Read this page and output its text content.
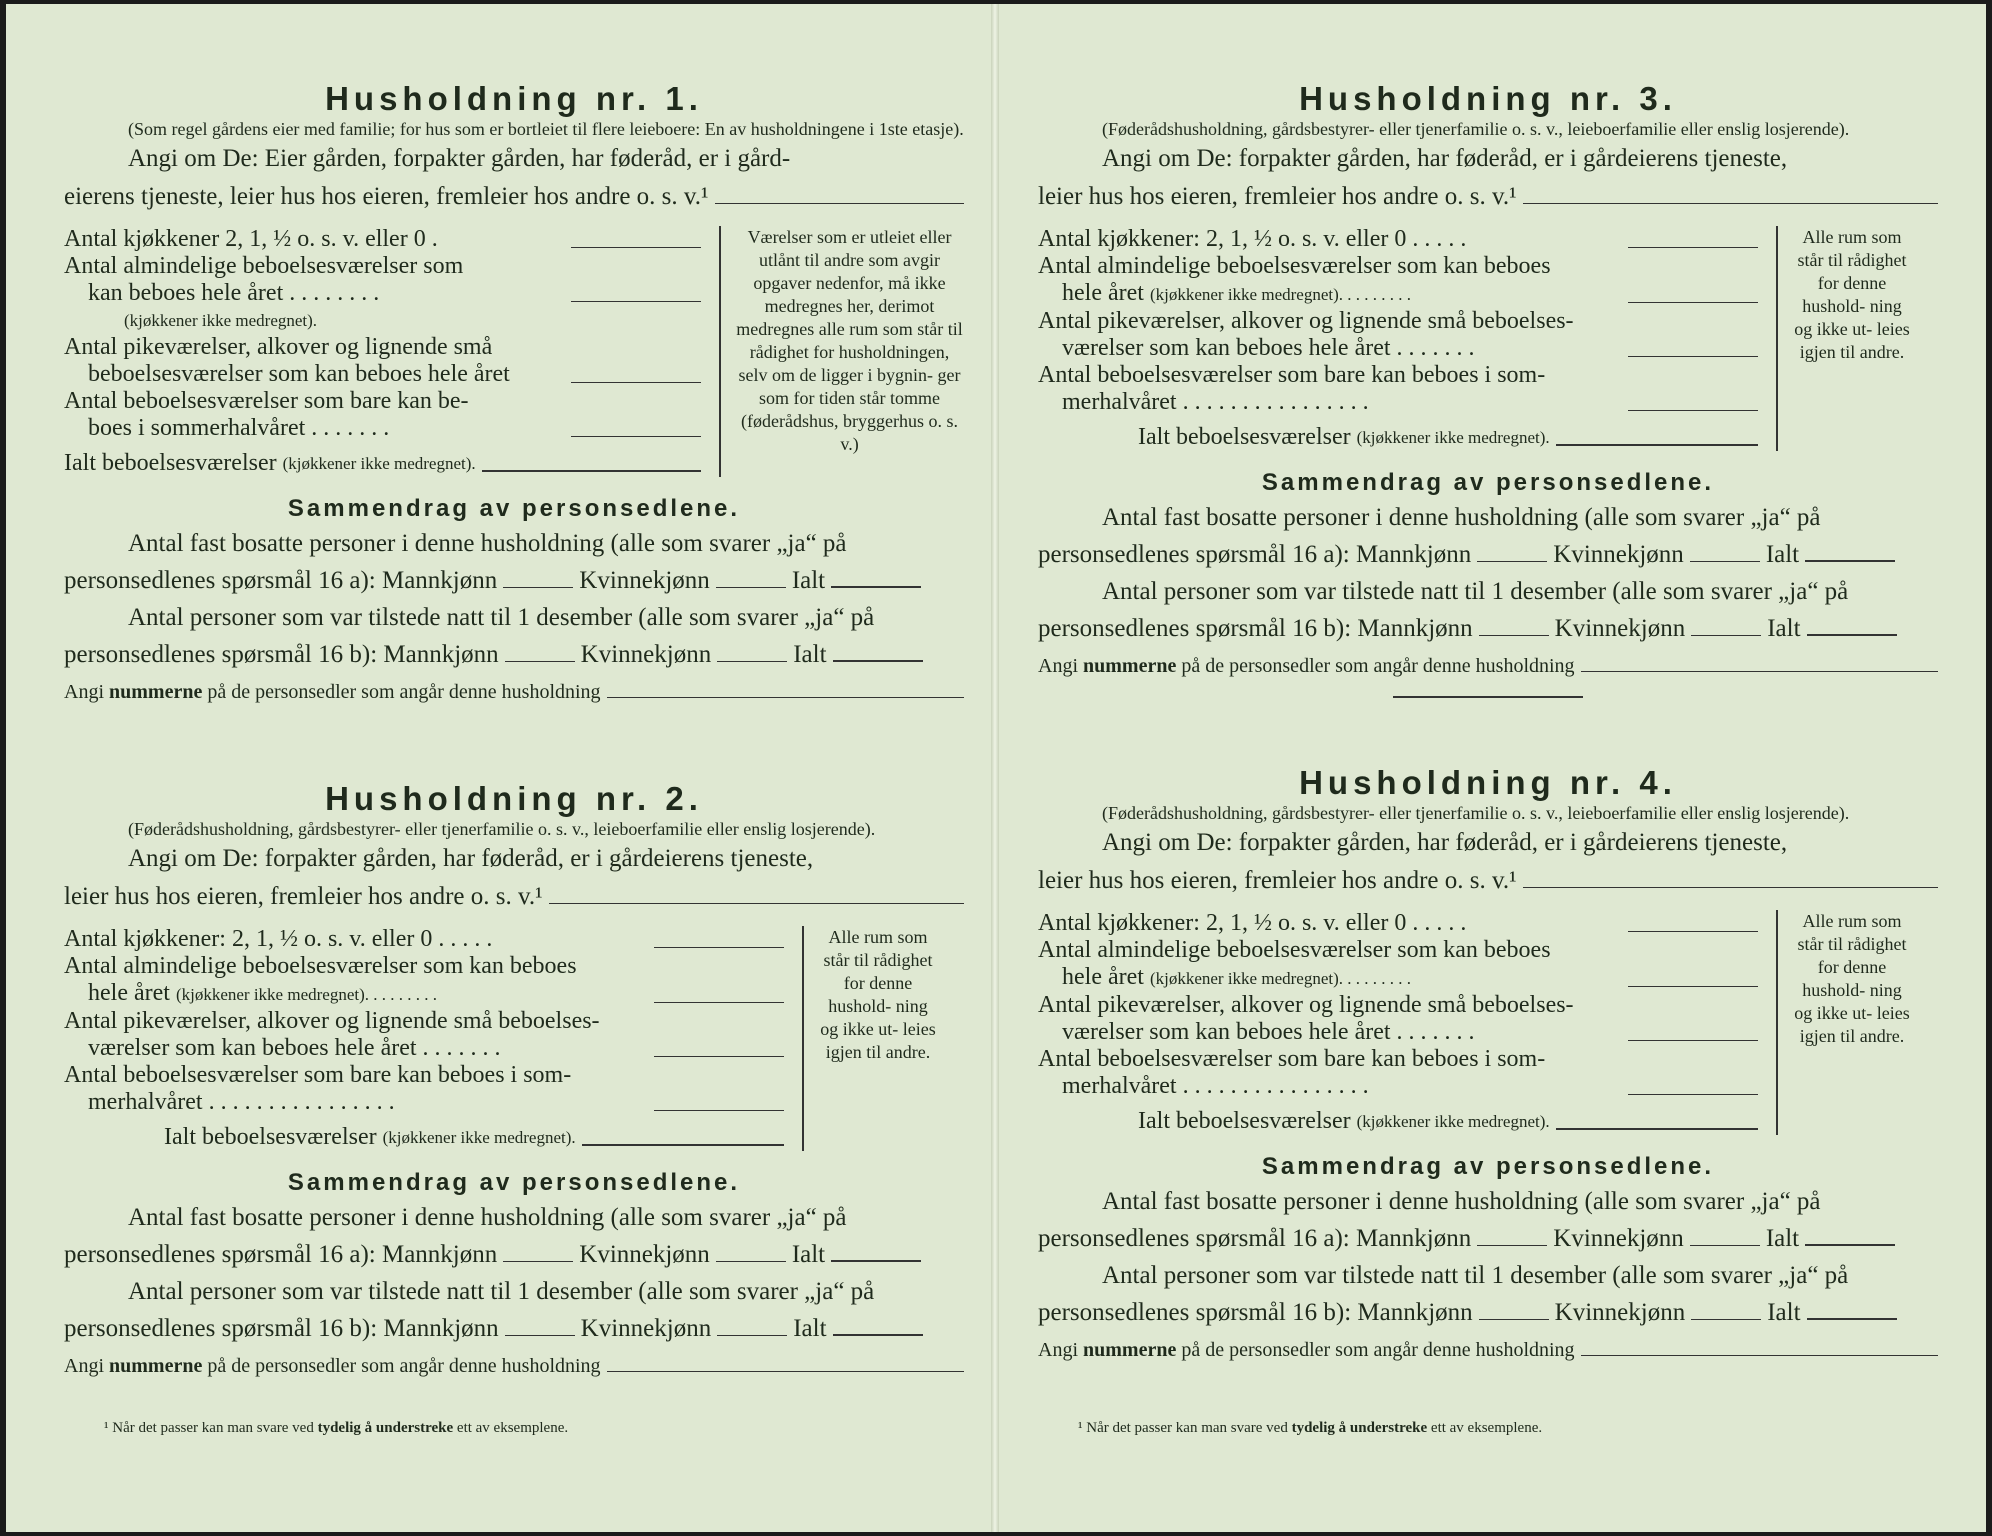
Husholdning nr. 1.
(Som regel gårdens eier med familie; for hus som er bortleiet til flere leieboere: En av husholdningene i 1ste etasje).
Angi om De: Eier gården, forpakter gården, har føderåd, er i gård-
eierens tjeneste, leier hus hos eieren, fremleier hos andre o. s. v.¹
Antal kjøkkener 2, 1, ½ o. s. v. eller 0 .
Antal almindelige beboelsesværelser som
kan beboes hele året . . . . . . . .
(kjøkkener ikke medregnet).
Antal pikeværelser, alkover og lignende små
beboelsesværelser som kan beboes hele året
Antal beboelsesværelser som bare kan be-
boes i sommerhalvåret . . . . . . .
Ialt beboelsesværelser
(kjøkkener ikke medregnet).
Værelser som er utleiet eller utlånt til andre som avgir opgaver nedenfor, må ikke medregnes her, derimot medregnes alle rum som står til rådighet for husholdningen, selv om de ligger i bygnin- ger som for tiden står tomme (føderådshus, bryggerhus o. s. v.)
Sammendrag av personsedlene.
Antal fast bosatte personer i denne husholdning (alle som svarer „ja“ på
personsedlenes spørsmål 16 a):
Mannkjønn	Kvinnekjønn	Ialt
Antal personer som var tilstede natt til 1 desember (alle som svarer „ja“ på
personsedlenes spørsmål 16 b):
Mannkjønn	Kvinnekjønn	Ialt
Angi
nummerne
på de personsedler som angår denne husholdning
Husholdning nr. 2.
(Føderådshusholdning, gårdsbestyrer- eller tjenerfamilie o. s. v., leieboerfamilie eller enslig losjerende).
Angi om De: forpakter gården, har føderåd, er i gårdeierens tjeneste,
leier hus hos eieren, fremleier hos andre o. s. v.¹
Antal kjøkkener: 2, 1, ½ o. s. v. eller 0 . . . . .
Antal almindelige beboelsesværelser som kan beboes
hele året (kjøkkener ikke medregnet). . . . . . . . .
Antal pikeværelser, alkover og lignende små beboelses-
værelser som kan beboes hele året . . . . . . .
Antal beboelsesværelser som bare kan beboes i som-
merhalvåret . . . . . . . . . . . . . . . .
Ialt beboelsesværelser
(kjøkkener ikke medregnet).
Alle rum som står til rådighet for denne hushold- ning og ikke ut- leies igjen til andre.
Sammendrag av personsedlene.
Antal fast bosatte personer i denne husholdning (alle som svarer „ja“ på
personsedlenes spørsmål 16 a):
Mannkjønn	Kvinnekjønn	Ialt
Antal personer som var tilstede natt til 1 desember (alle som svarer „ja“ på
personsedlenes spørsmål 16 b):
Mannkjønn	Kvinnekjønn	Ialt
Angi
nummerne
på de personsedler som angår denne husholdning
¹ Når det passer kan man svare ved tydelig å understreke ett av eksemplene.
Husholdning nr. 3.
(Føderådshusholdning, gårdsbestyrer- eller tjenerfamilie o. s. v., leieboerfamilie eller enslig losjerende).
Angi om De: forpakter gården, har føderåd, er i gårdeierens tjeneste,
leier hus hos eieren, fremleier hos andre o. s. v.¹
Antal kjøkkener: 2, 1, ½ o. s. v. eller 0 . . . . .
Antal almindelige beboelsesværelser som kan beboes
hele året (kjøkkener ikke medregnet). . . . . . . . .
Antal pikeværelser, alkover og lignende små beboelses-
værelser som kan beboes hele året . . . . . . .
Antal beboelsesværelser som bare kan beboes i som-
merhalvåret . . . . . . . . . . . . . . . .
Ialt beboelsesværelser
(kjøkkener ikke medregnet).
Alle rum som står til rådighet for denne hushold- ning og ikke ut- leies igjen til andre.
Sammendrag av personsedlene.
Antal fast bosatte personer i denne husholdning (alle som svarer „ja“ på
personsedlenes spørsmål 16 a):
Mannkjønn	Kvinnekjønn	Ialt
Antal personer som var tilstede natt til 1 desember (alle som svarer „ja“ på
personsedlenes spørsmål 16 b):
Mannkjønn	Kvinnekjønn	Ialt
Angi
nummerne
på de personsedler som angår denne husholdning
Husholdning nr. 4.
(Føderådshusholdning, gårdsbestyrer- eller tjenerfamilie o. s. v., leieboerfamilie eller enslig losjerende).
Angi om De: forpakter gården, har føderåd, er i gårdeierens tjeneste,
leier hus hos eieren, fremleier hos andre o. s. v.¹
Antal kjøkkener: 2, 1, ½ o. s. v. eller 0 . . . . .
Antal almindelige beboelsesværelser som kan beboes
hele året (kjøkkener ikke medregnet). . . . . . . . .
Antal pikeværelser, alkover og lignende små beboelses-
værelser som kan beboes hele året . . . . . . .
Antal beboelsesværelser som bare kan beboes i som-
merhalvåret . . . . . . . . . . . . . . . .
Ialt beboelsesværelser
(kjøkkener ikke medregnet).
Alle rum som står til rådighet for denne hushold- ning og ikke ut- leies igjen til andre.
Sammendrag av personsedlene.
Antal fast bosatte personer i denne husholdning (alle som svarer „ja“ på
personsedlenes spørsmål 16 a):
Mannkjønn	Kvinnekjønn	Ialt
Antal personer som var tilstede natt til 1 desember (alle som svarer „ja“ på
personsedlenes spørsmål 16 b):
Mannkjønn	Kvinnekjønn	Ialt
Angi
nummerne
på de personsedler som angår denne husholdning
¹ Når det passer kan man svare ved tydelig å understreke ett av eksemplene.
